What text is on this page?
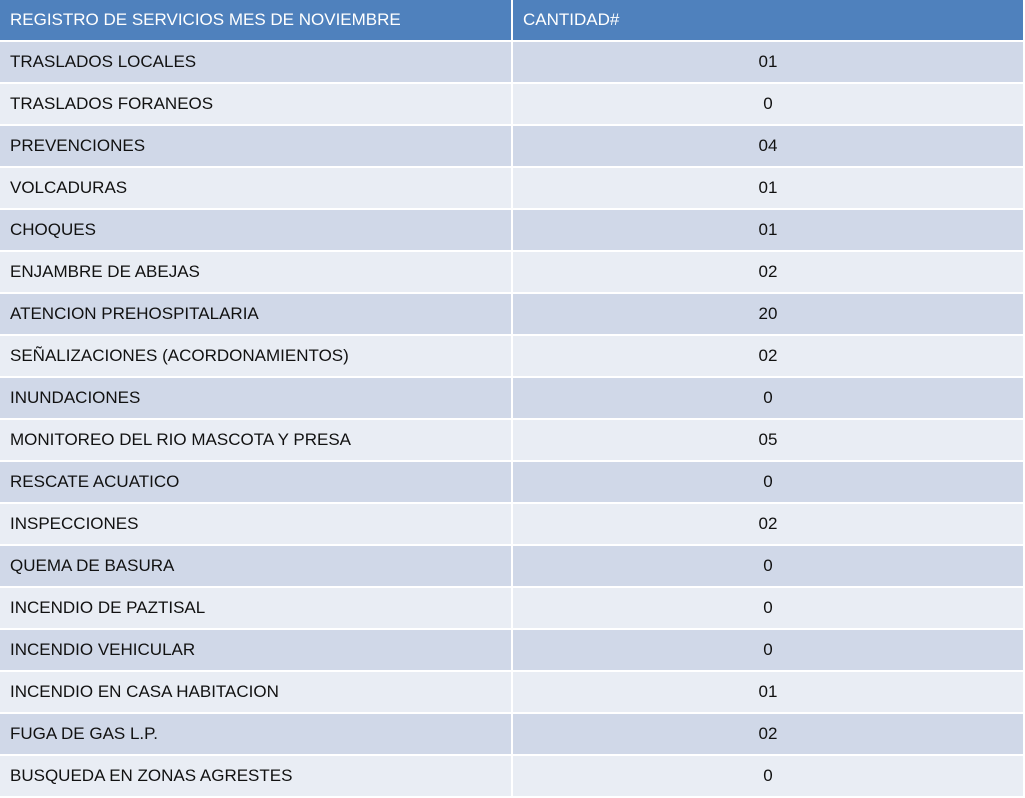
REGISTRO DE SERVICIOS MES DE NOVIEMBRE	CANTIDAD#
TRASLADOS LOCALES	01
TRASLADOS FORANEOS	0
PREVENCIONES	04
VOLCADURAS	01
CHOQUES	01
ENJAMBRE DE ABEJAS	02
ATENCION PREHOSPITALARIA	20
SEÑALIZACIONES (ACORDONAMIENTOS)	02
INUNDACIONES	0
MONITOREO DEL RIO MASCOTA Y PRESA	05
RESCATE ACUATICO	0
INSPECCIONES	02
QUEMA DE BASURA	0
INCENDIO DE PAZTISAL	0
INCENDIO VEHICULAR	0
INCENDIO EN CASA HABITACION	01
FUGA DE GAS L.P.	02
BUSQUEDA EN ZONAS AGRESTES	0
